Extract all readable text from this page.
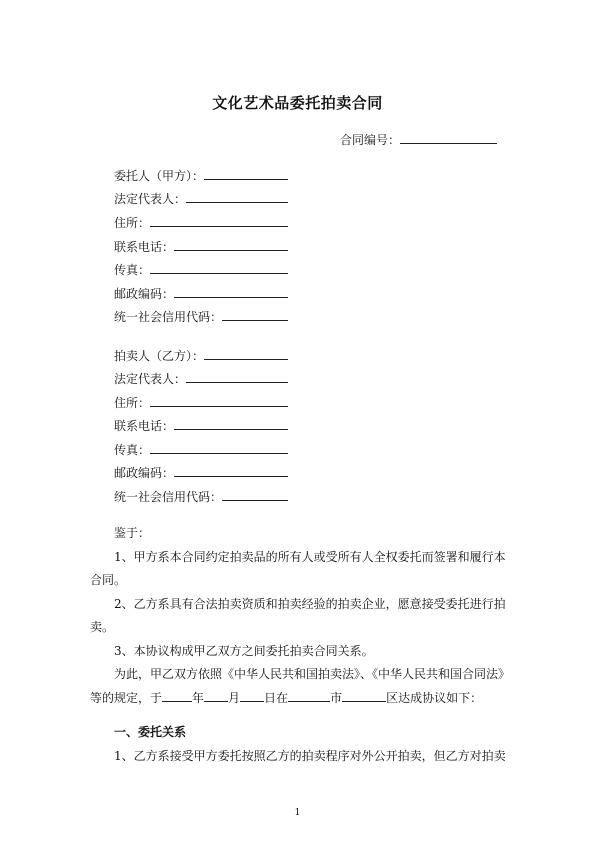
文化艺术品委托拍卖合同
合同编号：
委托人（甲方）：
法定代表人：
住所：
联系电话：
传真：
邮政编码：
统一社会信用代码：
拍卖人（乙方）：
法定代表人：
住所：
联系电话：
传真：
邮政编码：
统一社会信用代码：
鉴于：
1、甲方系本合同约定拍卖品的所有人或受所有人全权委托而签署和履行本
合同。
2、乙方系具有合法拍卖资质和拍卖经验的拍卖企业，愿意接受委托进行拍
卖。
3、本协议构成甲乙双方之间委托拍卖合同关系。
为此，甲乙双方依照《中华人民共和国拍卖法》、《中华人民共和国合同法》
等的规定，于	年 月 日在	市	区达成协议如下：
一、委托关系
1、乙方系接受甲方委托按照乙方的拍卖程序对外公开拍卖，但乙方对拍卖
1
